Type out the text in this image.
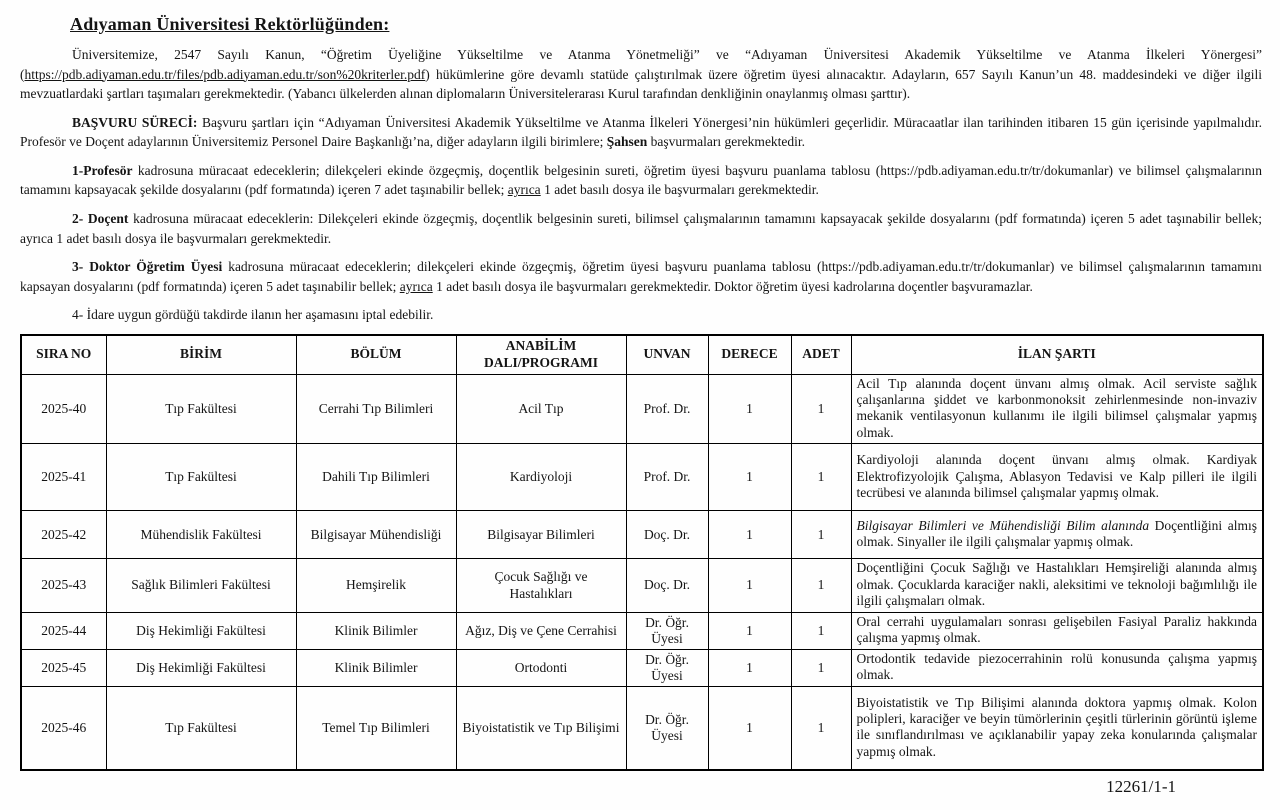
Adıyaman Üniversitesi Rektörlüğünden:

Üniversitemize, 2547 Sayılı Kanun, “Öğretim Üyeliğine Yükseltilme ve Atanma Yönetmeliği” ve “Adıyaman Üniversitesi Akademik Yükseltilme ve Atanma İlkeleri Yönergesi” (https://pdb.adiyaman.edu.tr/files/pdb.adiyaman.edu.tr/son%20kriterler.pdf) hükümlerine göre devamlı statüde çalıştırılmak üzere öğretim üyesi alınacaktır. Adayların, 657 Sayılı Kanun’un 48. maddesindeki ve diğer ilgili mevzuatlardaki şartları taşımaları gerekmektedir. (Yabancı ülkelerden alınan diplomaların Üniversitelerarası Kurul tarafından denkliğinin onaylanmış olması şarttır).

BAŞVURU SÜRECİ: Başvuru şartları için “Adıyaman Üniversitesi Akademik Yükseltilme ve Atanma İlkeleri Yönergesi’nin hükümleri geçerlidir. Müracaatlar ilan tarihinden itibaren 15 gün içerisinde yapılmalıdır. Profesör ve Doçent adaylarının Üniversitemiz Personel Daire Başkanlığı’na, diğer adayların ilgili birimlere; Şahsen başvurmaları gerekmektedir.

1-Profesör kadrosuna müracaat edeceklerin; dilekçeleri ekinde özgeçmiş, doçentlik belgesinin sureti, öğretim üyesi başvuru puanlama tablosu (https://pdb.adiyaman.edu.tr/tr/dokumanlar) ve bilimsel çalışmalarının tamamını kapsayacak şekilde dosyalarını (pdf formatında) içeren 7 adet taşınabilir bellek; ayrıca 1 adet basılı dosya ile başvurmaları gerekmektedir.

2- Doçent kadrosuna müracaat edeceklerin: Dilekçeleri ekinde özgeçmiş, doçentlik belgesinin sureti, bilimsel çalışmalarının tamamını kapsayacak şekilde dosyalarını (pdf formatında) içeren 5 adet taşınabilir bellek; ayrıca 1 adet basılı dosya ile başvurmaları gerekmektedir.

3- Doktor Öğretim Üyesi kadrosuna müracaat edeceklerin; dilekçeleri ekinde özgeçmiş, öğretim üyesi başvuru puanlama tablosu (https://pdb.adiyaman.edu.tr/tr/dokumanlar) ve bilimsel çalışmalarının tamamını kapsayan dosyalarını (pdf formatında) içeren 5 adet taşınabilir bellek; ayrıca 1 adet basılı dosya ile başvurmaları gerekmektedir. Doktor öğretim üyesi kadrolarına doçentler başvuramazlar.

4- İdare uygun gördüğü takdirde ilanın her aşamasını iptal edebilir.

SIRA NO	BİRİM	BÖLÜM	ANABİLİM DALI/PROGRAMI	UNVAN	DERECE	ADET	İLAN ŞARTI
2025-40	Tıp Fakültesi	Cerrahi Tıp Bilimleri	Acil Tıp	Prof. Dr.	1	1	Acil Tıp alanında doçent ünvanı almış olmak. Acil serviste sağlık çalışanlarına şiddet ve karbonmonoksit zehirlenmesinde non-invaziv mekanik ventilasyonun kullanımı ile ilgili bilimsel çalışmalar yapmış olmak.
2025-41	Tıp Fakültesi	Dahili Tıp Bilimleri	Kardiyoloji	Prof. Dr.	1	1	Kardiyoloji alanında doçent ünvanı almış olmak. Kardiyak Elektrofizyolojik Çalışma, Ablasyon Tedavisi ve Kalp pilleri ile ilgili tecrübesi ve alanında bilimsel çalışmalar yapmış olmak.
2025-42	Mühendislik Fakültesi	Bilgisayar Mühendisliği	Bilgisayar Bilimleri	Doç. Dr.	1	1	Bilgisayar Bilimleri ve Mühendisliği Bilim alanında Doçentliğini almış olmak. Sinyaller ile ilgili çalışmalar yapmış olmak.
2025-43	Sağlık Bilimleri Fakültesi	Hemşirelik	Çocuk Sağlığı ve Hastalıkları	Doç. Dr.	1	1	Doçentliğini Çocuk Sağlığı ve Hastalıkları Hemşireliği alanında almış olmak. Çocuklarda karaciğer nakli, aleksitimi ve teknoloji bağımlılığı ile ilgili çalışmaları olmak.
2025-44	Diş Hekimliği Fakültesi	Klinik Bilimler	Ağız, Diş ve Çene Cerrahisi	Dr. Öğr. Üyesi	1	1	Oral cerrahi uygulamaları sonrası gelişebilen Fasiyal Paraliz hakkında çalışma yapmış olmak.
2025-45	Diş Hekimliği Fakültesi	Klinik Bilimler	Ortodonti	Dr. Öğr. Üyesi	1	1	Ortodontik tedavide piezocerrahinin rolü konusunda çalışma yapmış olmak.
2025-46	Tıp Fakültesi	Temel Tıp Bilimleri	Biyoistatistik ve Tıp Bilişimi	Dr. Öğr. Üyesi	1	1	Biyoistatistik ve Tıp Bilişimi alanında doktora yapmış olmak. Kolon polipleri, karaciğer ve beyin tümörlerinin çeşitli türlerinin görüntü işleme ile sınıflandırılması ve açıklanabilir yapay zeka konularında çalışmalar yapmış olmak.
12261/1-1
